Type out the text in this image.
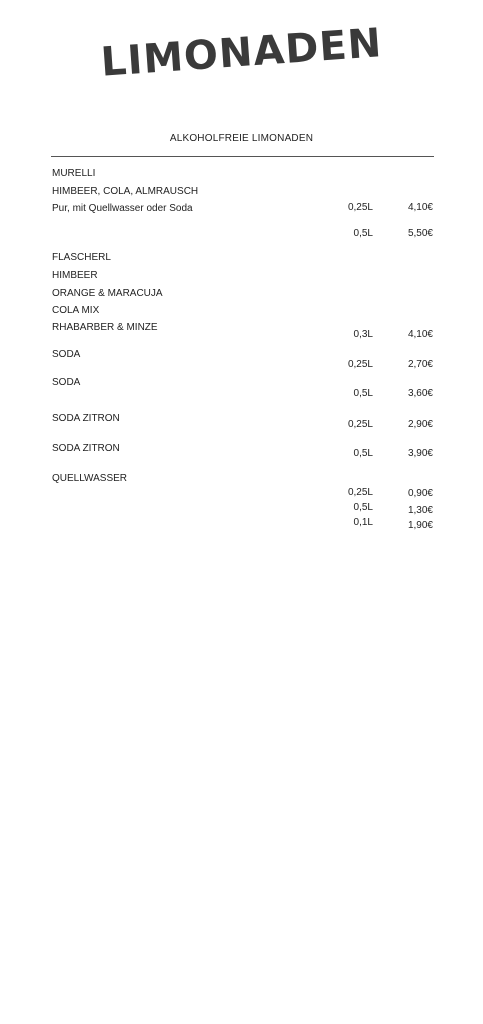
LIMONADEN
ALKOHOLFREIE LIMONADEN
MURELLI
HIMBEER, COLA, ALMRAUSCH
Pur, mit Quellwasser oder Soda
FLASCHERL
HIMBEER
ORANGE & MARACUJA
COLA MIX
RHABARBER & MINZE
SODA
SODA
SODA ZITRON
SODA ZITRON
QUELLWASSER
0,25L
0,5L
0,3L
0,25L
0,5L
0,25L
0,5L
0,25L
0,5L
0,1L
4,10€
5,50€
4,10€
2,70€
3,60€
2,90€
3,90€
0,90€
1,30€
1,90€
